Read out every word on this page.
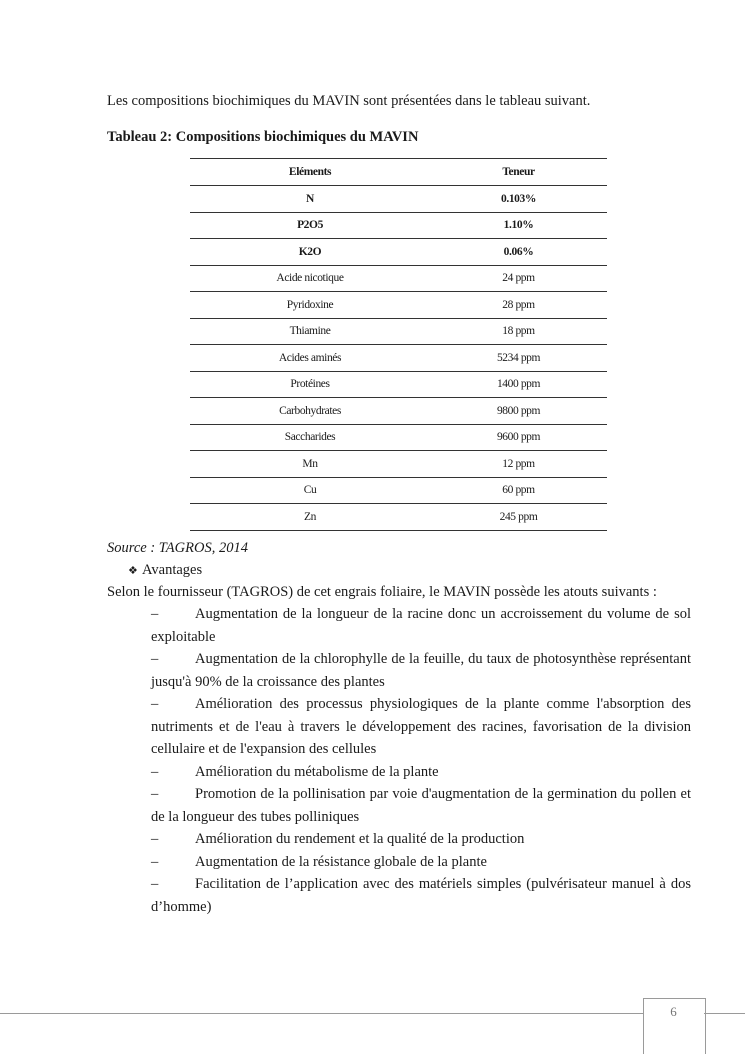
Les compositions biochimiques du MAVIN sont présentées dans le tableau suivant.
Tableau 2: Compositions biochimiques du MAVIN
Eléments	Teneur
N	0.103%
P2O5	1.10%
K2O	0.06%
Acide nicotique	24 ppm
Pyridoxine	28 ppm
Thiamine	18 ppm
Acides aminés	5234 ppm
Protéines	1400 ppm
Carbohydrates	9800 ppm
Saccharides	9600 ppm
Mn	12 ppm
Cu	60 ppm
Zn	245 ppm
Source : TAGROS, 2014
❖ Avantages
Selon le fournisseur (TAGROS) de cet engrais foliaire, le MAVIN possède les atouts suivants :
–	Augmentation de la longueur de la racine donc un accroissement du volume de sol exploitable
–	Augmentation de la chlorophylle de la feuille, du taux de photosynthèse représentant jusqu'à 90% de la croissance des plantes
–	Amélioration des processus physiologiques de la plante comme l'absorption des nutriments et de l'eau à travers le développement des racines, favorisation de la division cellulaire et de l'expansion des cellules
–	Amélioration du métabolisme de la plante
–	Promotion de la pollinisation par voie d'augmentation de la germination du pollen et de la longueur des tubes polliniques
–	Amélioration du rendement et la qualité de la production
–	Augmentation de la résistance globale de la plante
–	Facilitation de l’application avec des matériels simples (pulvérisateur manuel à dos d’homme)
6
